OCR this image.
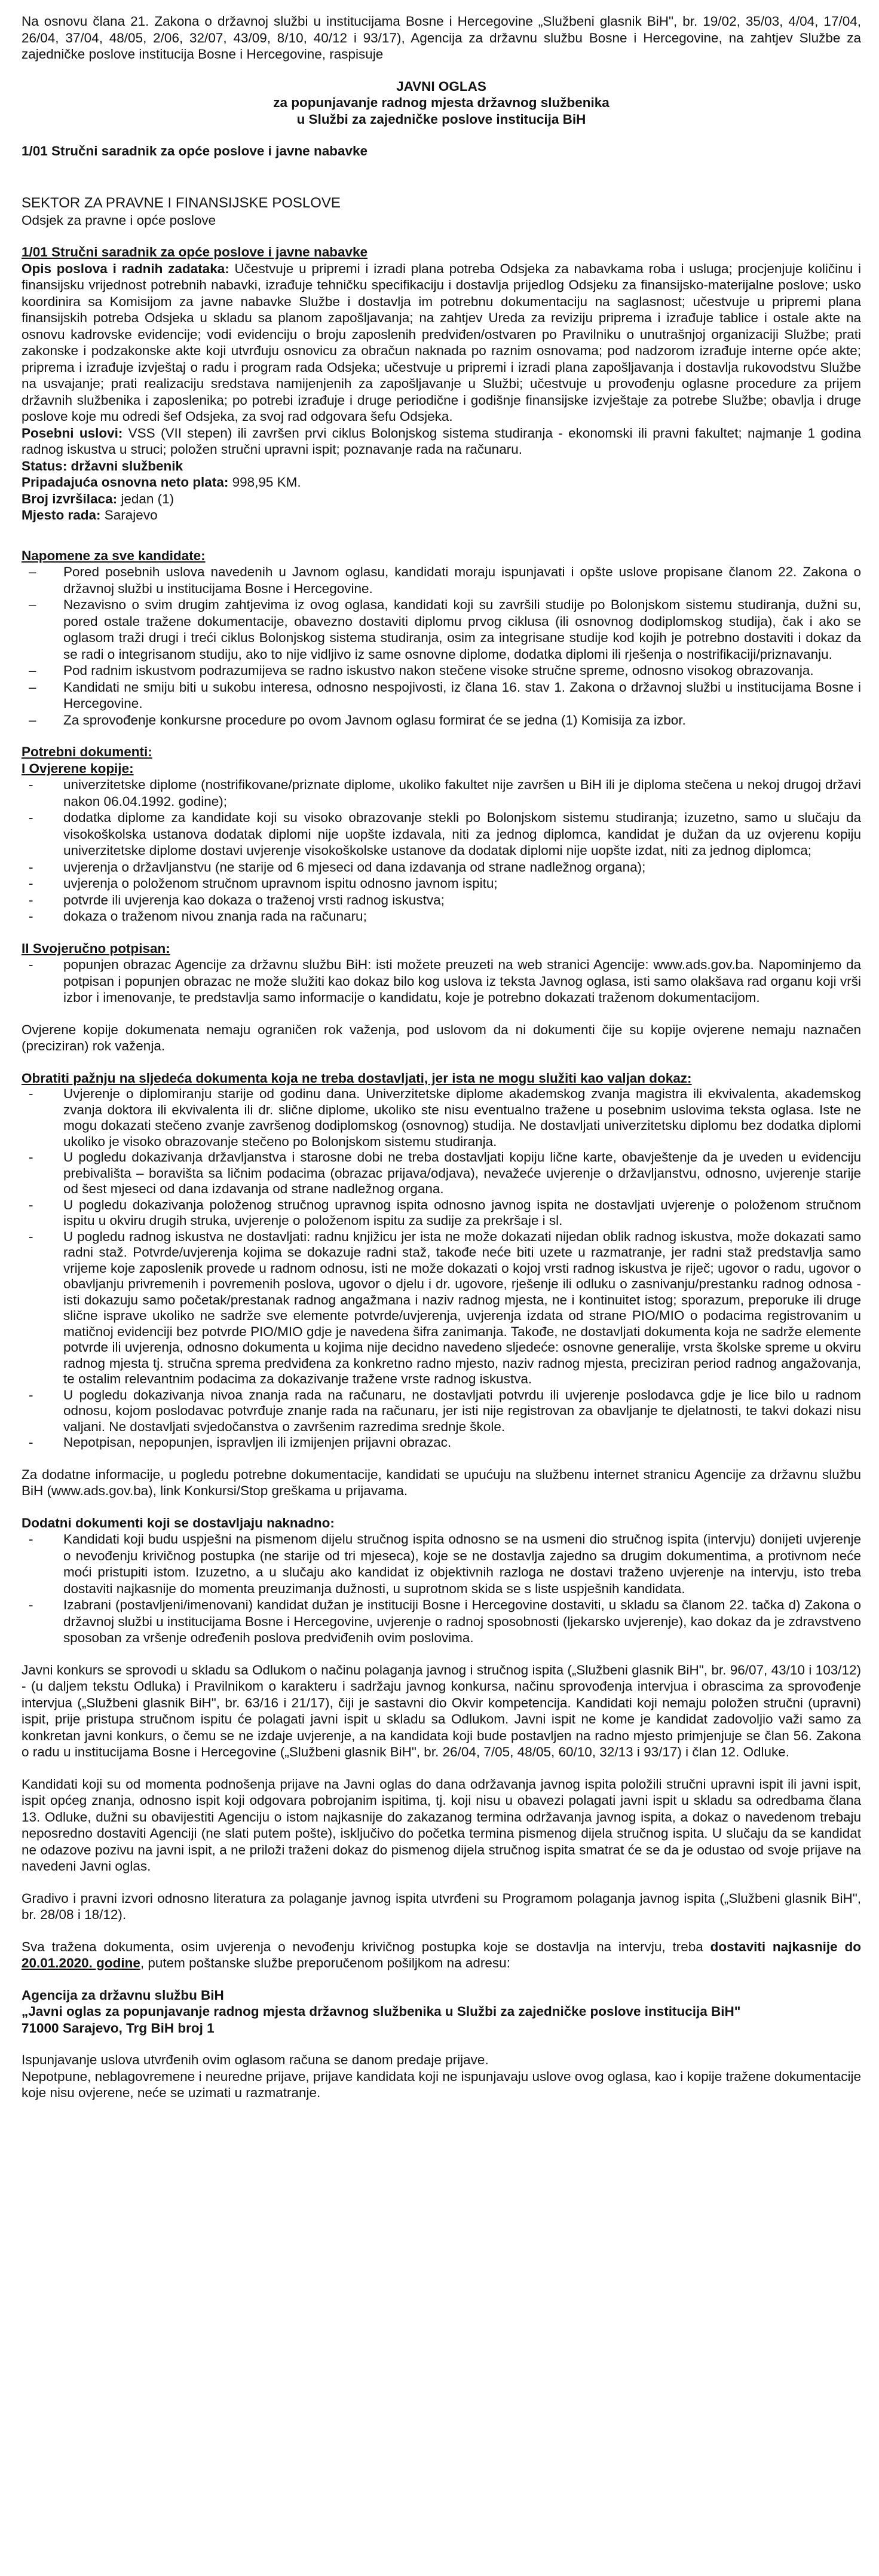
Na osnovu člana 21. Zakona o državnoj službi u institucijama Bosne i Hercegovine „Službeni glasnik BiH", br. 19/02, 35/03, 4/04, 17/04, 26/04, 37/04, 48/05, 2/06, 32/07, 43/09, 8/10, 40/12 i 93/17), Agencija za državnu službu Bosne i Hercegovine, na zahtjev Službe za zajedničke poslove institucija Bosne i Hercegovine, raspisuje

JAVNI OGLAS

za popunjavanje radnog mjesta državnog službenika

u Službi za zajedničke poslove institucija BiH

1/01 Stručni saradnik za opće poslove i javne nabavke

SEKTOR ZA PRAVNE I FINANSIJSKE POSLOVE

Odsjek za pravne i opće poslove

1/01 Stručni saradnik za opće poslove i javne nabavke

Opis poslova i radnih zadataka: Učestvuje u pripremi i izradi plana potreba Odsjeka za nabavkama roba i usluga; procjenjuje količinu i finansijsku vrijednost potrebnih nabavki, izrađuje tehničku specifikaciju i dostavlja prijedlog Odsjeku za finansijsko-materijalne poslove; usko koordinira sa Komisijom za javne nabavke Službe i dostavlja im potrebnu dokumentaciju na saglasnost; učestvuje u pripremi plana finansijskih potreba Odsjeka u skladu sa planom zapošljavanja; na zahtjev Ureda za reviziju priprema i izrađuje tablice i ostale akte na osnovu kadrovske evidencije; vodi evidenciju o broju zaposlenih predviđen/ostvaren po Pravilniku o unutrašnjoj organizaciji Službe; prati zakonske i podzakonske akte koji utvrđuju osnovicu za obračun naknada po raznim osnovama; pod nadzorom izrađuje interne opće akte; priprema i izrađuje izvještaj o radu i program rada Odsjeka; učestvuje u pripremi i izradi plana zapošljavanja i dostavlja rukovodstvu Službe na usvajanje; prati realizaciju sredstava namijenjenih za zapošljavanje u Službi; učestvuje u provođenju oglasne procedure za prijem državnih službenika i zaposlenika; po potrebi izrađuje i druge periodične i godišnje finansijske izvještaje za potrebe Službe; obavlja i druge poslove koje mu odredi šef Odsjeka, za svoj rad odgovara šefu Odsjeka.

Posebni uslovi: VSS (VII stepen) ili završen prvi ciklus Bolonjskog sistema studiranja - ekonomski ili pravni fakultet; najmanje 1 godina radnog iskustva u struci; položen stručni upravni ispit; poznavanje rada na računaru.

Status: državni službenik

Pripadajuća osnovna neto plata: 998,95 KM.

Broj izvršilaca: jedan (1)

Mjesto rada: Sarajevo

Napomene za sve kandidate:

– Pored posebnih uslova navedenih u Javnom oglasu, kandidati moraju ispunjavati i opšte uslove propisane članom 22. Zakona o državnoj službi u institucijama Bosne i Hercegovine.
– Nezavisno o svim drugim zahtjevima iz ovog oglasa, kandidati koji su završili studije po Bolonjskom sistemu studiranja, dužni su, pored ostale tražene dokumentacije, obavezno dostaviti diplomu prvog ciklusa (ili osnovnog dodiplomskog studija), čak i ako se oglasom traži drugi i treći ciklus Bolonjskog sistema studiranja, osim za integrisane studije kod kojih je potrebno dostaviti i dokaz da se radi o integrisanom studiju, ako to nije vidljivo iz same osnovne diplome, dodatka diplomi ili rješenja o nostrifikaciji/priznavanju.
– Pod radnim iskustvom podrazumijeva se radno iskustvo nakon stečene visoke stručne spreme, odnosno visokog obrazovanja.
– Kandidati ne smiju biti u sukobu interesa, odnosno nespojivosti, iz člana 16. stav 1. Zakona o državnoj službi u institucijama Bosne i Hercegovine.
– Za sprovođenje konkursne procedure po ovom Javnom oglasu formirat će se jedna (1) Komisija za izbor.

Potrebni dokumenti:

I Ovjerene kopije:

- univerzitetske diplome (nostrifikovane/priznate diplome, ukoliko fakultet nije završen u BiH ili je diploma stečena u nekoj drugoj državi nakon 06.04.1992. godine);
- dodatka diplome za kandidate koji su visoko obrazovanje stekli po Bolonjskom sistemu studiranja; izuzetno, samo u slučaju da visokoškolska ustanova dodatak diplomi nije uopšte izdavala, niti za jednog diplomca, kandidat je dužan da uz ovjerenu kopiju univerzitetske diplome dostavi uvjerenje visokoškolske ustanove da dodatak diplomi nije uopšte izdat, niti za jednog diplomca;
- uvjerenja o državljanstvu (ne starije od 6 mjeseci od dana izdavanja od strane nadležnog organa);
- uvjerenja o položenom stručnom upravnom ispitu odnosno javnom ispitu;
- potvrde ili uvjerenja kao dokaza o traženoj vrsti radnog iskustva;
- dokaza o traženom nivou znanja rada na računaru;

II Svojeručno potpisan:

- popunjen obrazac Agencije za državnu službu BiH: isti možete preuzeti na web stranici Agencije: www.ads.gov.ba. Napominjemo da potpisan i popunjen obrazac ne može služiti kao dokaz bilo kog uslova iz teksta Javnog oglasa, isti samo olakšava rad organu koji vrši izbor i imenovanje, te predstavlja samo informacije o kandidatu, koje je potrebno dokazati traženom dokumentacijom.

Ovjerene kopije dokumenata nemaju ograničen rok važenja, pod uslovom da ni dokumenti čije su kopije ovjerene nemaju naznačen (preciziran) rok važenja.

Obratiti pažnju na sljedeća dokumenta koja ne treba dostavljati, jer ista ne mogu služiti kao valjan dokaz:

- Uvjerenje o diplomiranju starije od godinu dana. Univerzitetske diplome akademskog zvanja magistra ili ekvivalenta, akademskog zvanja doktora ili ekvivalenta ili dr. slične diplome, ukoliko ste nisu eventualno tražene u posebnim uslovima teksta oglasa. Iste ne mogu dokazati stečeno zvanje završenog dodiplomskog (osnovnog) studija. Ne dostavljati univerzitetsku diplomu bez dodatka diplomi ukoliko je visoko obrazovanje stečeno po Bolonjskom sistemu studiranja.
- U pogledu dokazivanja državljanstva i starosne dobi ne treba dostavljati kopiju lične karte, obavještenje da je uveden u evidenciju prebivališta – boravišta sa ličnim podacima (obrazac prijava/odjava), nevažeće uvjerenje o državljanstvu, odnosno, uvjerenje starije od šest mjeseci od dana izdavanja od strane nadležnog organa.
- U pogledu dokazivanja položenog stručnog upravnog ispita odnosno javnog ispita ne dostavljati uvjerenje o položenom stručnom ispitu u okviru drugih struka, uvjerenje o položenom ispitu za sudije za prekršaje i sl.
- U pogledu radnog iskustva ne dostavljati: radnu knjižicu jer ista ne može dokazati nijedan oblik radnog iskustva, može dokazati samo radni staž. Potvrde/uvjerenja kojima se dokazuje radni staž, takođe neće biti uzete u razmatranje, jer radni staž predstavlja samo vrijeme koje zaposlenik provede u radnom odnosu, isti ne može dokazati o kojoj vrsti radnog iskustva je riječ; ugovor o radu, ugovor o obavljanju privremenih i povremenih poslova, ugovor o djelu i dr. ugovore, rješenje ili odluku o zasnivanju/prestanku radnog odnosa - isti dokazuju samo početak/prestanak radnog angažmana i naziv radnog mjesta, ne i kontinuitet istog; sporazum, preporuke ili druge slične isprave ukoliko ne sadrže sve elemente potvrde/uvjerenja, uvjerenja izdata od strane PIO/MIO o podacima registrovanim u matičnoj evidenciji bez potvrde PIO/MIO gdje je navedena šifra zanimanja. Takođe, ne dostavljati dokumenta koja ne sadrže elemente potvrde ili uvjerenja, odnosno dokumenta u kojima nije decidno navedeno sljedeće: osnovne generalije, vrsta školske spreme u okviru radnog mjesta tj. stručna sprema predviđena za konkretno radno mjesto, naziv radnog mjesta, preciziran period radnog angažovanja, te ostalim relevantnim podacima za dokazivanje tražene vrste radnog iskustva.
- U pogledu dokazivanja nivoa znanja rada na računaru, ne dostavljati potvrdu ili uvjerenje poslodavca gdje je lice bilo u radnom odnosu, kojom poslodavac potvrđuje znanje rada na računaru, jer isti nije registrovan za obavljanje te djelatnosti, te takvi dokazi nisu valjani. Ne dostavljati svjedočanstva o završenim razredima srednje škole.
- Nepotpisan, nepopunjen, ispravljen ili izmijenjen prijavni obrazac.

Za dodatne informacije, u pogledu potrebne dokumentacije, kandidati se upućuju na službenu internet stranicu Agencije za državnu službu BiH (www.ads.gov.ba), link Konkursi/Stop greškama u prijavama.

Dodatni dokumenti koji se dostavljaju naknadno:

- Kandidati koji budu uspješni na pismenom dijelu stručnog ispita odnosno se na usmeni dio stručnog ispita (intervju) donijeti uvjerenje o nevođenju krivičnog postupka (ne starije od tri mjeseca), koje se ne dostavlja zajedno sa drugim dokumentima, a protivnom neće moći pristupiti istom. Izuzetno, a u slučaju ako kandidat iz objektivnih razloga ne dostavi traženo uvjerenje na intervju, isto treba dostaviti najkasnije do momenta preuzimanja dužnosti, u suprotnom skida se s liste uspješnih kandidata.
- Izabrani (postavljeni/imenovani) kandidat dužan je instituciji Bosne i Hercegovine dostaviti, u skladu sa članom 22. tačka d) Zakona o državnoj službi u institucijama Bosne i Hercegovine, uvjerenje o radnoj sposobnosti (ljekarsko uvjerenje), kao dokaz da je zdravstveno sposoban za vršenje određenih poslova predviđenih ovim poslovima.

Javni konkurs se sprovodi u skladu sa Odlukom o načinu polaganja javnog i stručnog ispita („Službeni glasnik BiH", br. 96/07, 43/10 i 103/12) - (u daljem tekstu Odluka) i Pravilnikom o karakteru i sadržaju javnog konkursa, načinu sprovođenja intervjua i obrascima za sprovođenje intervjua („Službeni glasnik BiH", br. 63/16 i 21/17), čiji je sastavni dio Okvir kompetencija. Kandidati koji nemaju položen stručni (upravni) ispit, prije pristupa stručnom ispitu će polagati javni ispit u skladu sa Odlukom. Javni ispit ne kome je kandidat zadovoljio važi samo za konkretan javni konkurs, o čemu se ne izdaje uvjerenje, a na kandidata koji bude postavljen na radno mjesto primjenjuje se član 56. Zakona o radu u institucijama Bosne i Hercegovine („Službeni glasnik BiH", br. 26/04, 7/05, 48/05, 60/10, 32/13 i 93/17) i član 12. Odluke.

Kandidati koji su od momenta podnošenja prijave na Javni oglas do dana održavanja javnog ispita položili stručni upravni ispit ili javni ispit, ispit općeg znanja, odnosno ispit koji odgovara pobrojanim ispitima, tj. koji nisu u obavezi polagati javni ispit u skladu sa odredbama člana 13. Odluke, dužni su obavijestiti Agenciju o istom najkasnije do zakazanog termina održavanja javnog ispita, a dokaz o navedenom trebaju neposredno dostaviti Agenciji (ne slati putem pošte), isključivo do početka termina pismenog dijela stručnog ispita. U slučaju da se kandidat ne odazove pozivu na javni ispit, a ne priloži traženi dokaz do pismenog dijela stručnog ispita smatrat će se da je odustao od svoje prijave na navedeni Javni oglas.

Gradivo i pravni izvori odnosno literatura za polaganje javnog ispita utvrđeni su Programom polaganja javnog ispita („Službeni glasnik BiH", br. 28/08 i 18/12).

Sva tražena dokumenta, osim uvjerenja o nevođenju krivičnog postupka koje se dostavlja na intervju, treba dostaviti najkasnije do 20.01.2020. godine, putem poštanske službe preporučenom pošiljkom na adresu:

Agencija za državnu službu BiH

„Javni oglas za popunjavanje radnog mjesta državnog službenika u Službi za zajedničke poslove institucija BiH"

71000 Sarajevo, Trg BiH broj 1

Ispunjavanje uslova utvrđenih ovim oglasom računa se danom predaje prijave.

Nepotpune, neblagovremene i neuredne prijave, prijave kandidata koji ne ispunjavaju uslove ovog oglasa, kao i kopije tražene dokumentacije koje nisu ovjerene, neće se uzimati u razmatranje.
